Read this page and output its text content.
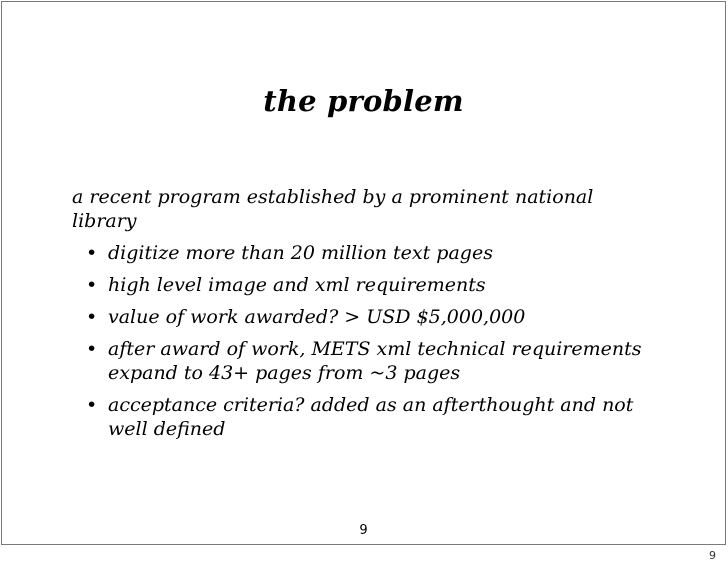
the problem

a recent program established by a prominent national library

• digitize more than 20 million text pages
• high level image and xml requirements
• value of work awarded? > USD $5,000,000
• after award of work, METS xml technical requirements expand to 43+ pages from ~3 pages
• acceptance criteria? added as an afterthought and not well defined
9
9
